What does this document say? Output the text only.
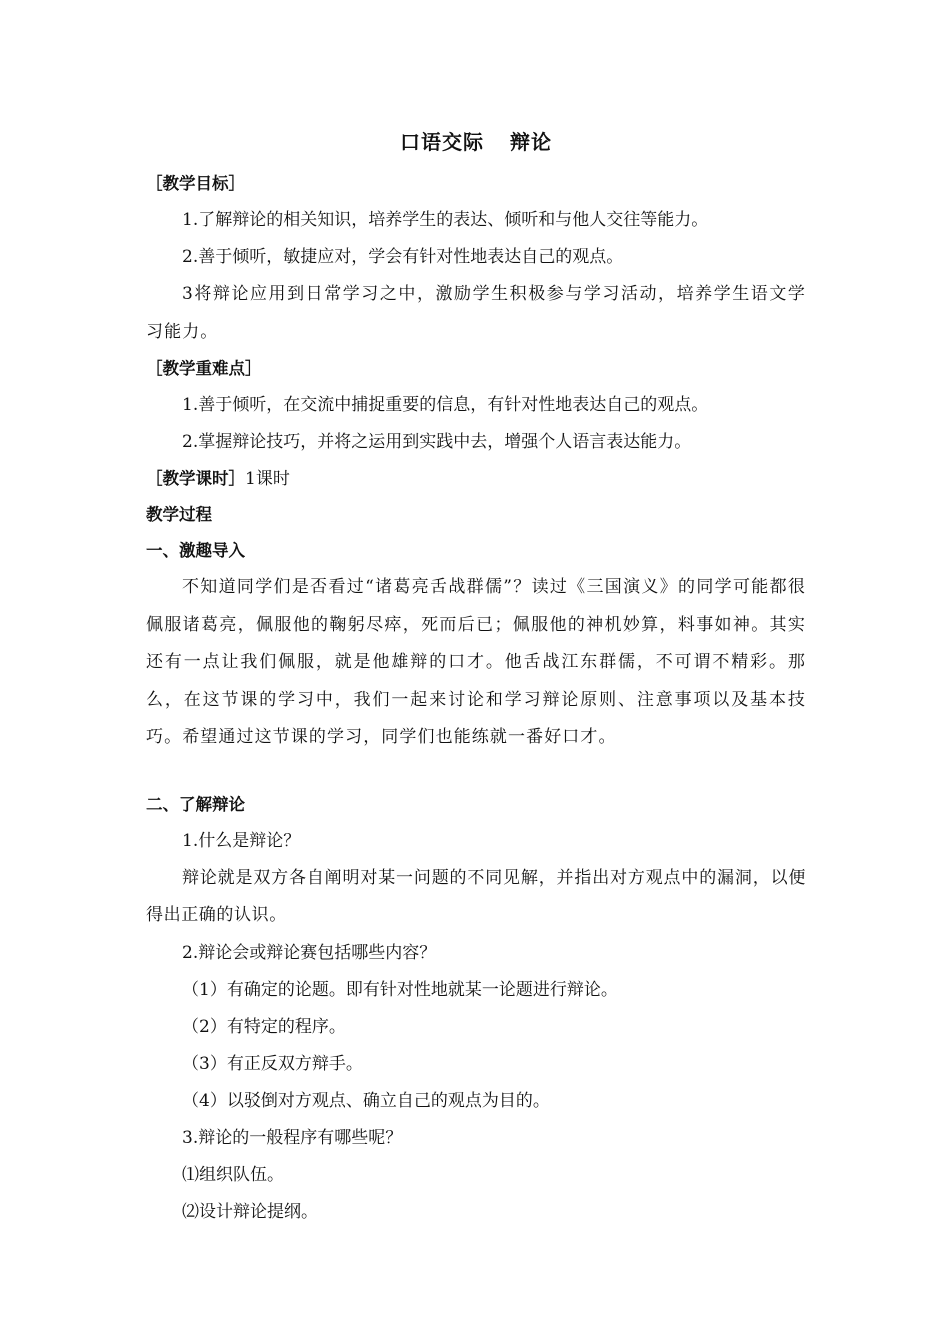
口语交际 辩论

［教学目标］

1.了解辩论的相关知识，培养学生的表达、倾听和与他人交往等能力。

2.善于倾听，敏捷应对，学会有针对性地表达自己的观点。

3将辩论应用到日常学习之中，激励学生积极参与学习活动，培养学生语文学习能力。

［教学重难点］

1.善于倾听，在交流中捕捉重要的信息，有针对性地表达自己的观点。

2.掌握辩论技巧，并将之运用到实践中去，增强个人语言表达能力。

［教学课时］1课时

教学过程

一、激趣导入

不知道同学们是否看过“诸葛亮舌战群儒”？读过《三国演义》的同学可能都很佩服诸葛亮，佩服他的鞠躬尽瘁，死而后已；佩服他的神机妙算，料事如神。其实还有一点让我们佩服，就是他雄辩的口才。他舌战江东群儒，不可谓不精彩。那么，在这节课的学习中，我们一起来讨论和学习辩论原则、注意事项以及基本技巧。希望通过这节课的学习，同学们也能练就一番好口才。

二、了解辩论

1.什么是辩论？

辩论就是双方各自阐明对某一问题的不同见解，并指出对方观点中的漏洞，以便得出正确的认识。

2.辩论会或辩论赛包括哪些内容？

（1）有确定的论题。即有针对性地就某一论题进行辩论。

（2）有特定的程序。

（3）有正反双方辩手。

（4）以驳倒对方观点、确立自己的观点为目的。

3.辩论的一般程序有哪些呢？

⑴组织队伍。

⑵设计辩论提纲。
